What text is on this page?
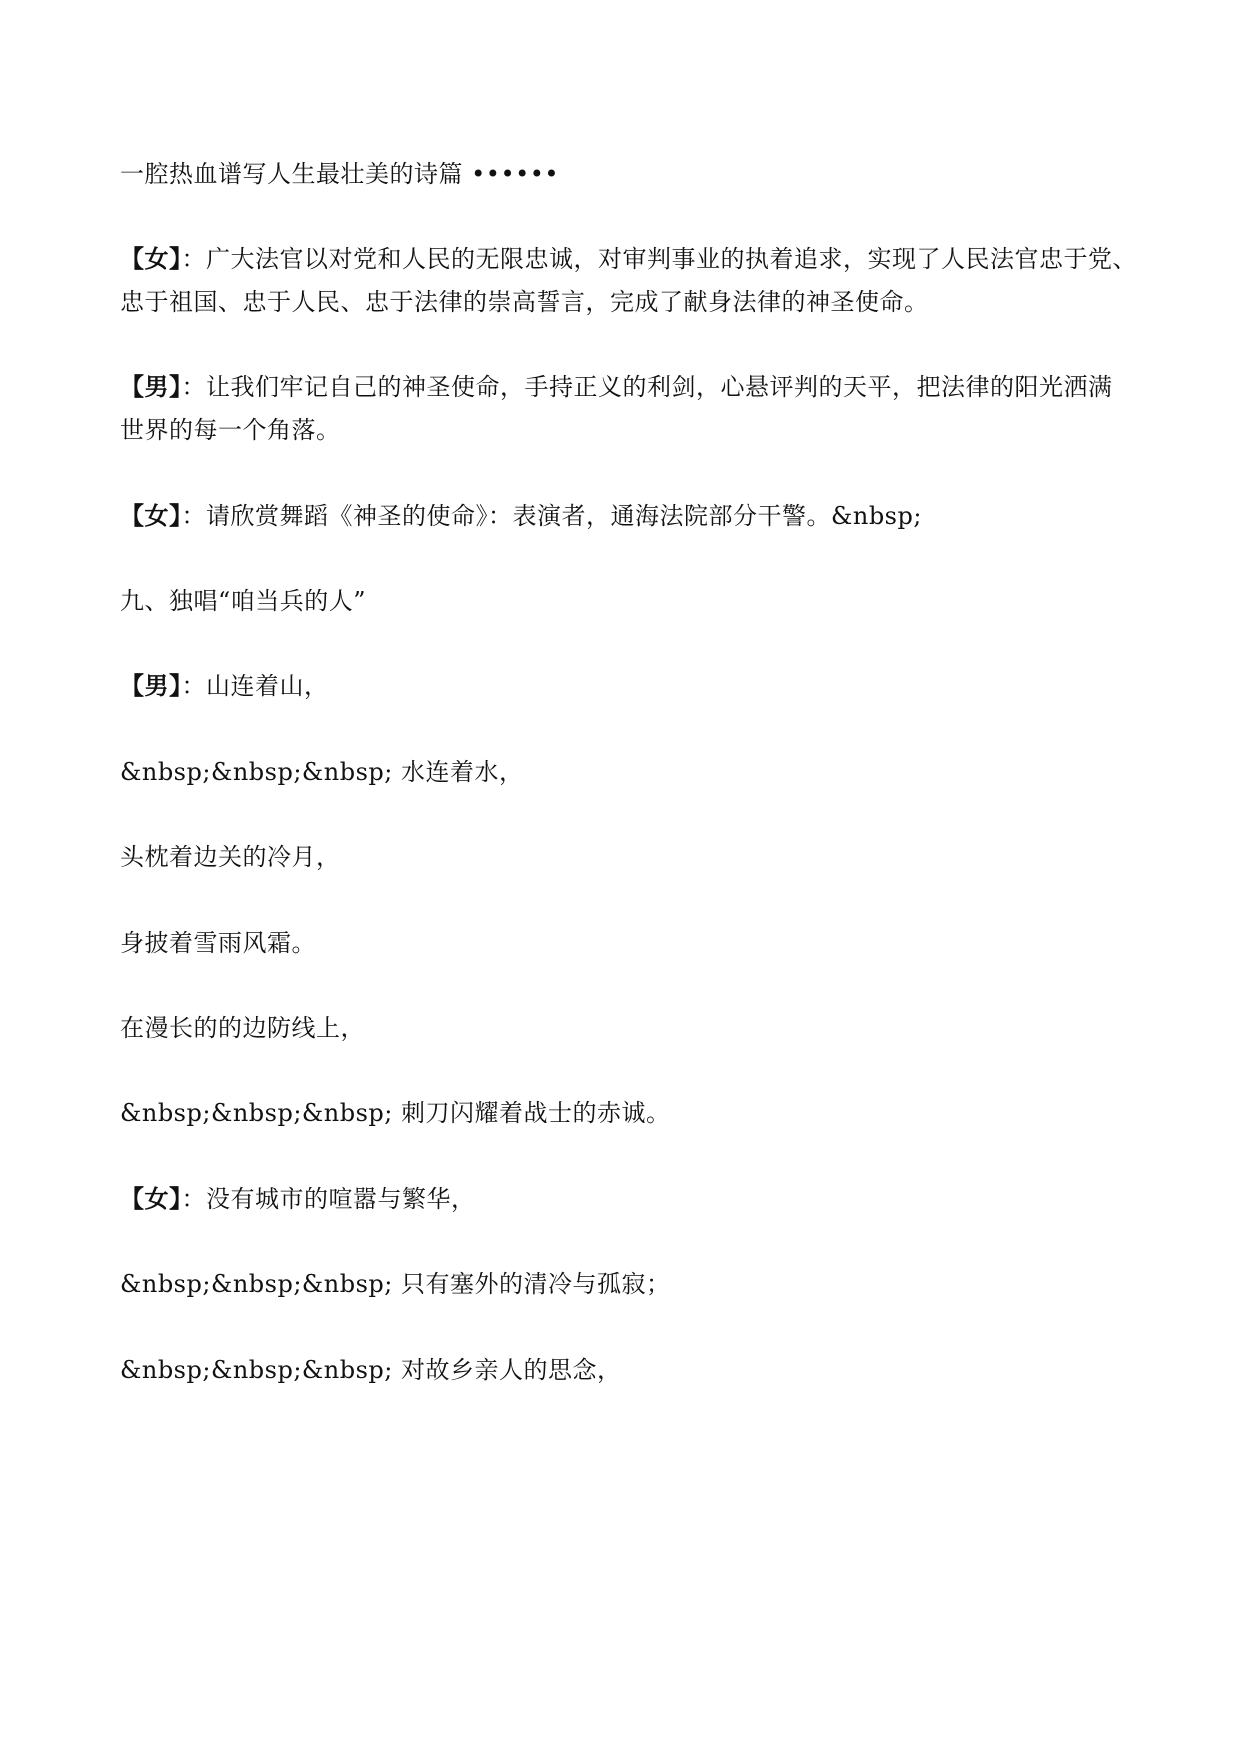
一腔热血谱写人生最壮美的诗篇 ••••••
【女】：广大法官以对党和人民的无限忠诚，对审判事业的执着追求，实现了人民法官忠于党、
忠于祖国、忠于人民、忠于法律的崇高誓言，完成了献身法律的神圣使命。
【男】：让我们牢记自己的神圣使命，手持正义的利剑，心悬评判的天平，把法律的阳光洒满
世界的每一个角落。
【女】：请欣赏舞蹈《神圣的使命》：表演者，通海法院部分干警。&nbsp;
九、独唱“咱当兵的人”
【男】：山连着山，
&nbsp;&nbsp;&nbsp; 水连着水，
头枕着边关的冷月，
身披着雪雨风霜。
在漫长的的边防线上，
&nbsp;&nbsp;&nbsp; 刺刀闪耀着战士的赤诚。
【女】：没有城市的喧嚣与繁华，
&nbsp;&nbsp;&nbsp; 只有塞外的清冷与孤寂；
&nbsp;&nbsp;&nbsp; 对故乡亲人的思念，
